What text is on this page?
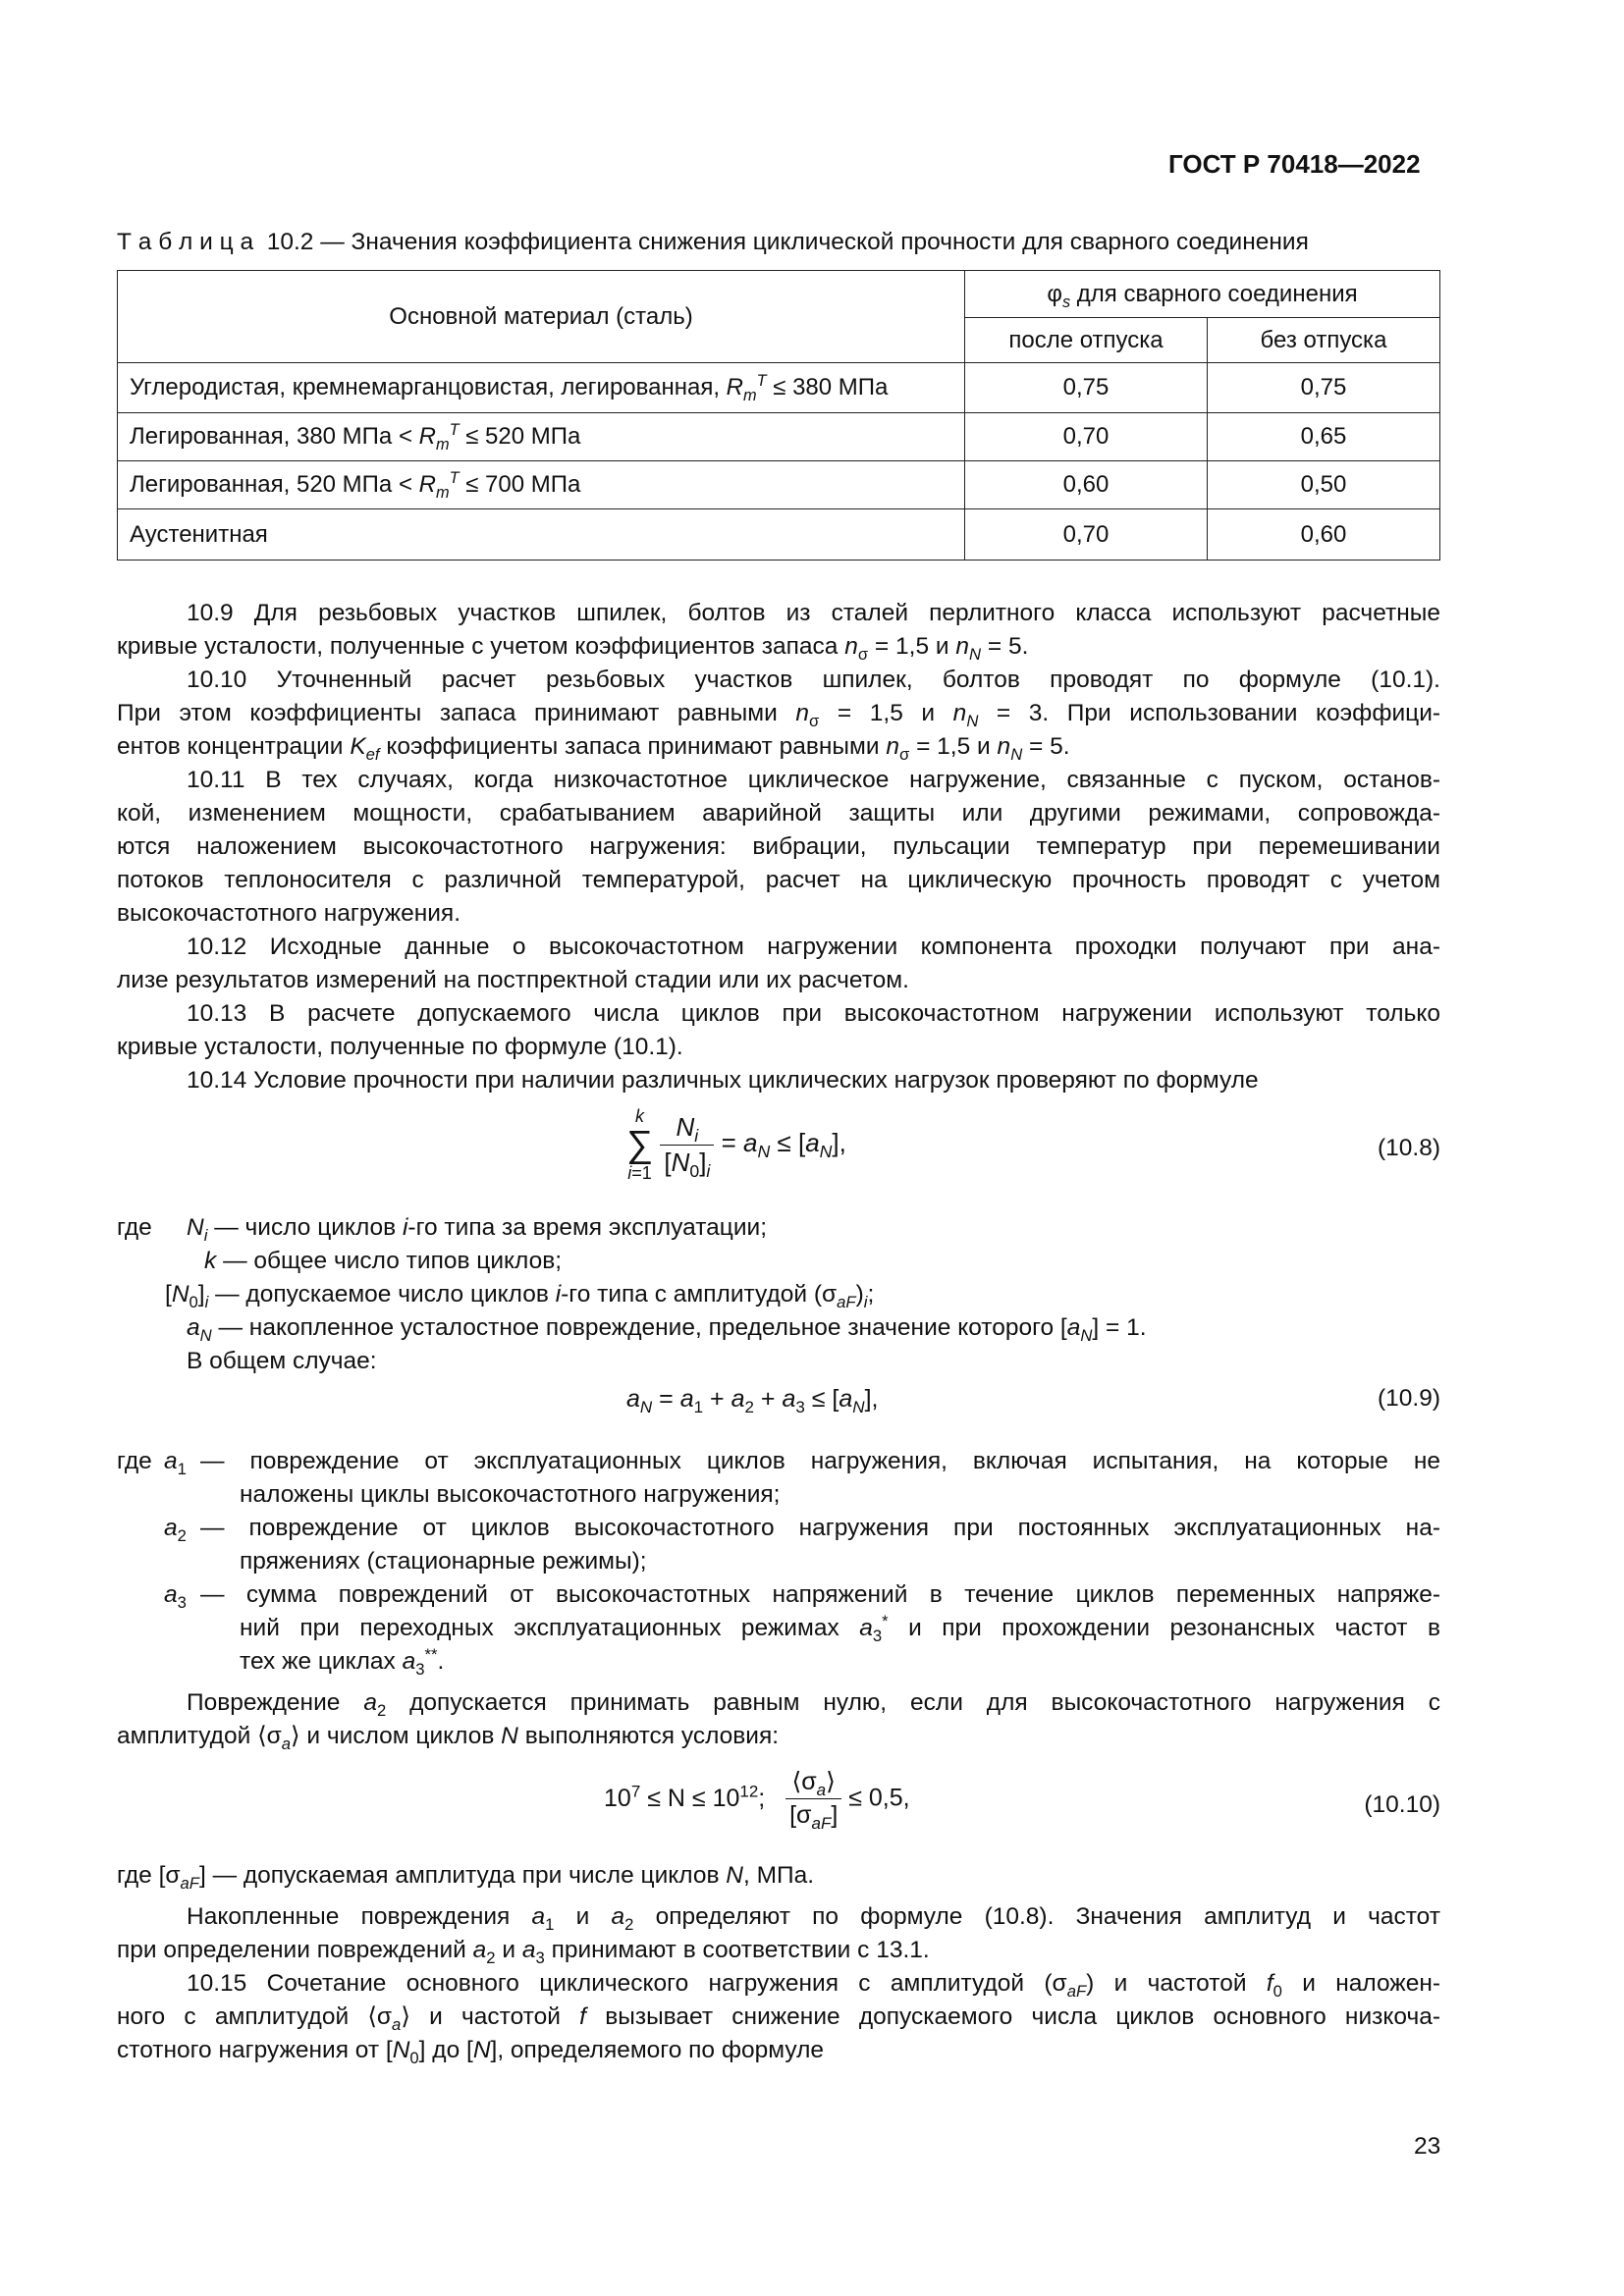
ГОСТ Р 70418—2022
Т а б л и ц а 10.2 — Значения коэффициента снижения циклической прочности для сварного соединения
Основной материал (сталь)	$\varphi_s$ для сварного соединения	
	после отпуска	без отпуска
Углеродистая, кремнемарганцовистая, легированная, $R_m^T \le 380$ МПа	0,75	0,75
Легированная, 380 МПа < $R_m^T \le 520$ МПа	0,70	0,65
Легированная, 520 МПа < $R_m^T \le 700$ МПа	0,60	0,50
Аустенитная	0,70	0,60
10.9 Для резьбовых участков шпилек, болтов из сталей перлитного класса используют расчетные
кривые усталости, полученные с учетом коэффициентов запаса $n_\sigma = 1,5$ и $n_N = 5$.
10.10 Уточненный расчет резьбовых участков шпилек, болтов проводят по формуле (10.1).
При этом коэффициенты запаса принимают равными $n_\sigma = 1,5$ и $n_N = 3$. При использовании коэффици-
ентов концентрации $K_{ef}$ коэффициенты запаса принимают равными $n_\sigma = 1,5$ и $n_N = 5$.
10.11 В тех случаях, когда низкочастотное циклическое нагружение, связанные с пуском, останов-
кой, изменением мощности, срабатыванием аварийной защиты или другими режимами, сопровожда-
ются наложением высокочастотного нагружения: вибрации, пульсации температур при перемешивании
потоков теплоносителя с различной температурой, расчет на циклическую прочность проводят с учетом
высокочастотного нагружения.
10.12 Исходные данные о высокочастотном нагружении компонента проходки получают при ана-
лизе результатов измерений на постпректной стадии или их расчетом.
10.13 В расчете допускаемого числа циклов при высокочастотном нагружении используют только
кривые усталости, полученные по формуле (10.1).
10.14 Условие прочности при наличии различных циклических нагрузок проверяют по формуле
k
∑
$i=1 \frac{N_i}{[N_0]_i} = a_N \le [a_N]$,	(10.8)
где $N_i$ — число циклов i-го типа за время эксплуатации;
k — общее число типов циклов;
$[N_0]_i$ — допускаемое число циклов i-го типа с амплитудой $(\sigma_{aF})_i$;
$a_N$ — накопленное усталостное повреждение, предельное значение которого $[a_N] = 1$.
В общем случае:
$a_N = a_1 + a_2 + a_3 \le [a_N]$,	(10.9)
где $a_1$ — повреждение от эксплуатационных циклов нагружения, включая испытания, на которые не
наложены циклы высокочастотного нагружения;
$a_2$ — повреждение от циклов высокочастотного нагружения при постоянных эксплуатационных на-
пряжениях (стационарные режимы);
$a_3$ — сумма повреждений от высокочастотных напряжений в течение циклов переменных напряже-
ний при переходных эксплуатационных режимах $a_3^*$ и при прохождении резонансных частот в
тех же циклах $a_3^{**}$.
Повреждение $a_2$ допускается принимать равным нулю, если для высокочастотного нагружения с
амплитудой $⟨\sigma_a⟩$ и числом циклов N выполняются условия:
$10^7 \le N \le 10^{12}$; $\frac{⟨\sigma_a⟩}{[\sigma_{aF}]} \le 0,5$,	(10.10)
где $[\sigma_{aF}]$ — допускаемая амплитуда при числе циклов N, МПа.
Накопленные повреждения $a_1$ и $a_2$ определяют по формуле (10.8). Значения амплитуд и частот
при определении повреждений $a_2$ и $a_3$ принимают в соответствии с 13.1.
10.15 Сочетание основного циклического нагружения с амплитудой $(\sigma_{aF})$ и частотой $f_0$ и наложен-
ного с амплитудой $⟨\sigma_a⟩$ и частотой f вызывает снижение допускаемого числа циклов основного низкоча-
стотного нагружения от $[N_0]$ до [N], определяемого по формуле
23
